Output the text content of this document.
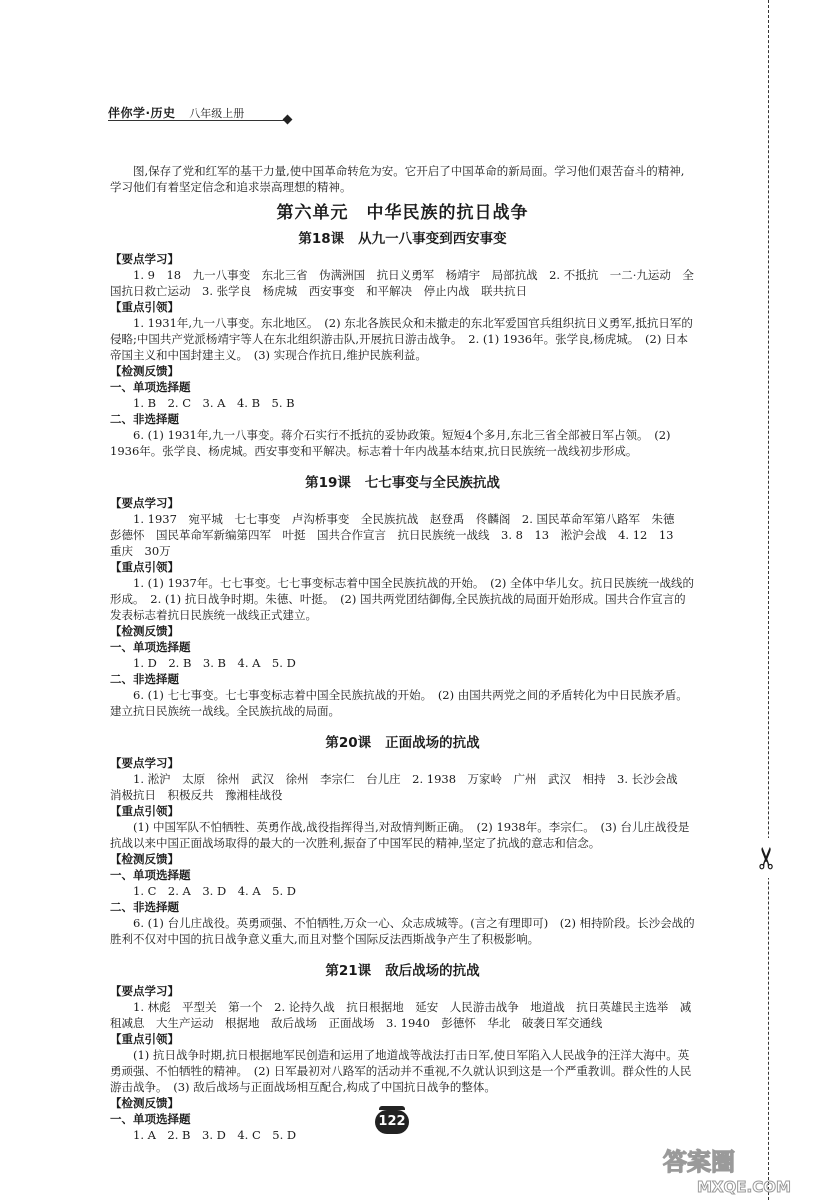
伴你学·历史 八年级上册
✂

图,保存了党和红军的基干力量,使中国革命转危为安。它开启了中国革命的新局面。学习他们艰苦奋斗的精神,学习他们有着坚定信念和追求崇高理想的精神。

第六单元　中华民族的抗日战争
第18课 从九一八事变到西安事变

【要点学习】

1. 9　18　九一八事变　东北三省　伪满洲国　抗日义勇军　杨靖宇　局部抗战　2. 不抵抗　一二·九运动　全国抗日救亡运动　3. 张学良　杨虎城　西安事变　和平解决　停止内战　联共抗日

【重点引领】

1. 1931年,九一八事变。东北地区。　(2) 东北各族民众和未撤走的东北军爱国官兵组织抗日义勇军,抵抗日军的侵略;中国共产党派杨靖宇等人在东北组织游击队,开展抗日游击战争。　2. (1) 1936年。张学良,杨虎城。　(2) 日本帝国主义和中国封建主义。　(3) 实现合作抗日,维护民族利益。

【检测反馈】

一、单项选择题

1. B　2. C　3. A　4. B　5. B

二、非选择题

6. (1) 1931年,九一八事变。蒋介石实行不抵抗的妥协政策。短短4个多月,东北三省全部被日军占领。　(2) 1936年。张学良、杨虎城。西安事变和平解决。标志着十年内战基本结束,抗日民族统一战线初步形成。

第19课 七七事变与全民族抗战

【要点学习】

1. 1937　宛平城　七七事变　卢沟桥事变　全民族抗战　赵登禹　佟麟阁　2. 国民革命军第八路军　朱德　彭德怀　国民革命军新编第四军　叶挺　国共合作宣言　抗日民族统一战线　3. 8　13　淞沪会战　4. 12　13　重庆　30万

【重点引领】

1. (1) 1937年。七七事变。七七事变标志着中国全民族抗战的开始。　(2) 全体中华儿女。抗日民族统一战线的形成。　2. (1) 抗日战争时期。朱德、叶挺。　(2) 国共两党团结御侮,全民族抗战的局面开始形成。国共合作宣言的发表标志着抗日民族统一战线正式建立。

【检测反馈】

一、单项选择题

1. D　2. B　3. B　4. A　5. D

二、非选择题

6. (1) 七七事变。七七事变标志着中国全民族抗战的开始。　(2) 由国共两党之间的矛盾转化为中日民族矛盾。建立抗日民族统一战线。全民族抗战的局面。

第20课 正面战场的抗战

【要点学习】

1. 淞沪　太原　徐州　武汉　徐州　李宗仁　台儿庄　2. 1938　万家岭　广州　武汉　相持　3. 长沙会战　消极抗日　积极反共　豫湘桂战役

【重点引领】

(1) 中国军队不怕牺牲、英勇作战,战役指挥得当,对敌情判断正确。　(2) 1938年。李宗仁。　(3) 台儿庄战役是抗战以来中国正面战场取得的最大的一次胜利,振奋了中国军民的精神,坚定了抗战的意志和信念。

【检测反馈】

一、单项选择题

1. C　2. A　3. D　4. A　5. D

二、非选择题

6. (1) 台儿庄战役。英勇顽强、不怕牺牲,万众一心、众志成城等。(言之有理即可)　(2) 相持阶段。长沙会战的胜利不仅对中国的抗日战争意义重大,而且对整个国际反法西斯战争产生了积极影响。

第21课 敌后战场的抗战

【要点学习】

1. 林彪　平型关　第一个　2. 论持久战　抗日根据地　延安　人民游击战争　地道战　抗日英雄民主选举　减租减息　大生产运动　根据地　敌后战场　正面战场　3. 1940　彭德怀　华北　破袭日军交通线

【重点引领】

(1) 抗日战争时期,抗日根据地军民创造和运用了地道战等战法打击日军,使日军陷入人民战争的汪洋大海中。英勇顽强、不怕牺牲的精神。　(2) 日军最初对八路军的活动并不重视,不久就认识到这是一个严重教训。群众性的人民游击战争。　(3) 敌后战场与正面战场相互配合,构成了中国抗日战争的整体。

【检测反馈】

一、单项选择题

1. A　2. B　3. D　4. C　5. D

122
答案圈
MXQE.COM
